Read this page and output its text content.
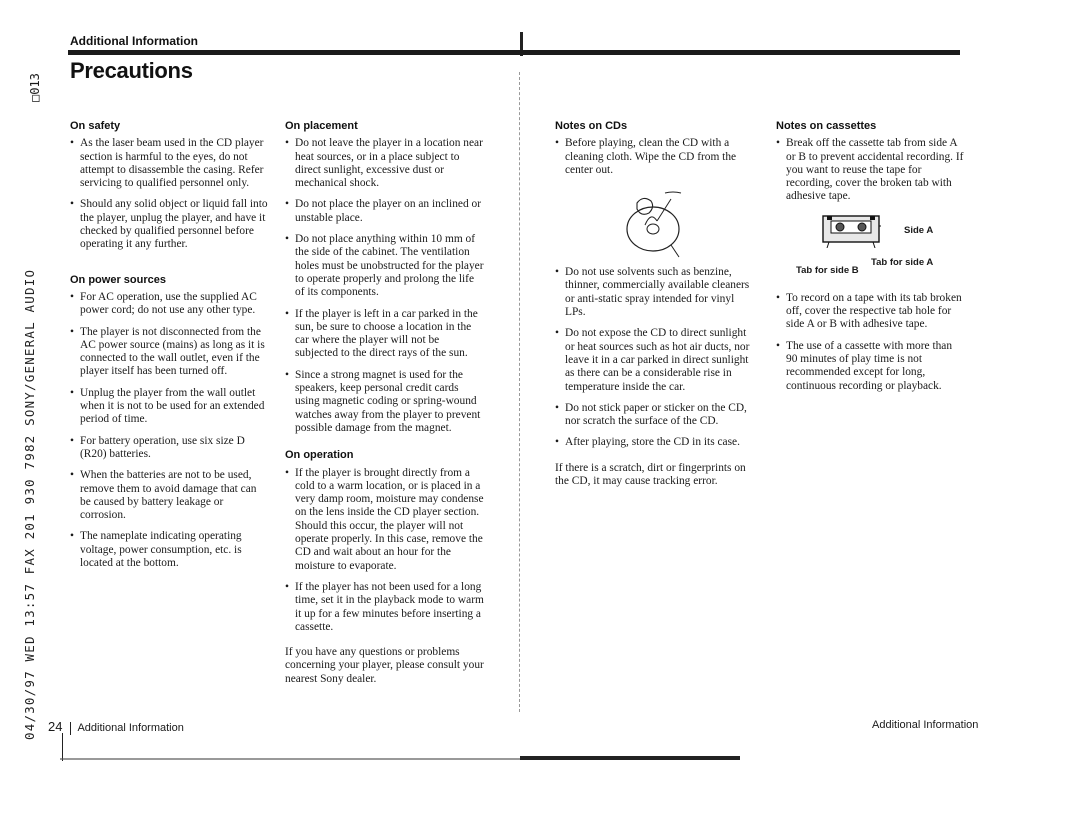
04/30/97 WED 13:57 FAX 201 930 7982 SONY/GENERAL AUDIO
□013
Additional Information
Precautions
On safety
• As the laser beam used in the CD player section is harmful to the eyes, do not attempt to disassemble the casing. Refer servicing to qualified personnel only.
• Should any solid object or liquid fall into the player, unplug the player, and have it checked by qualified personnel before operating it any further.
On power sources
• For AC operation, use the supplied AC power cord; do not use any other type.
• The player is not disconnected from the AC power source (mains) as long as it is connected to the wall outlet, even if the player itself has been turned off.
• Unplug the player from the wall outlet when it is not to be used for an extended period of time.
• For battery operation, use six size D (R20) batteries.
• When the batteries are not to be used, remove them to avoid damage that can be caused by battery leakage or corrosion.
• The nameplate indicating operating voltage, power consumption, etc. is located at the bottom.
On placement
• Do not leave the player in a location near heat sources, or in a place subject to direct sunlight, excessive dust or mechanical shock.
• Do not place the player on an inclined or unstable place.
• Do not place anything within 10 mm of the side of the cabinet. The ventilation holes must be unobstructed for the player to operate properly and prolong the life of its components.
• If the player is left in a car parked in the sun, be sure to choose a location in the car where the player will not be subjected to the direct rays of the sun.
• Since a strong magnet is used for the speakers, keep personal credit cards using magnetic coding or spring-wound watches away from the player to prevent possible damage from the magnet.
On operation
• If the player is brought directly from a cold to a warm location, or is placed in a very damp room, moisture may condense on the lens inside the CD player section. Should this occur, the player will not operate properly. In this case, remove the CD and wait about an hour for the moisture to evaporate.
• If the player has not been used for a long time, set it in the playback mode to warm it up for a few minutes before inserting a cassette.

If you have any questions or problems concerning your player, please consult your nearest Sony dealer.

Notes on CDs
• Before playing, clean the CD with a cleaning cloth. Wipe the CD from the center out.
• Do not use solvents such as benzine, thinner, commercially available cleaners or anti-static spray intended for vinyl LPs.
• Do not expose the CD to direct sunlight or heat sources such as hot air ducts, nor leave it in a car parked in direct sunlight as there can be a considerable rise in temperature inside the car.
• Do not stick paper or sticker on the CD, nor scratch the surface of the CD.
• After playing, store the CD in its case.

If there is a scratch, dirt or fingerprints on the CD, it may cause tracking error.

Notes on cassettes
• Break off the cassette tab from side A or B to prevent accidental recording. If you want to reuse the tape for recording, cover the broken tab with adhesive tape.
Side A
Tab for side A
Tab for side B
• To record on a tape with its tab broken off, cover the respective tab hole for side A or B with adhesive tape.
• The use of a cassette with more than 90 minutes of play time is not recommended except for long, continuous recording or playback.
24 Additional Information	Additional Information
